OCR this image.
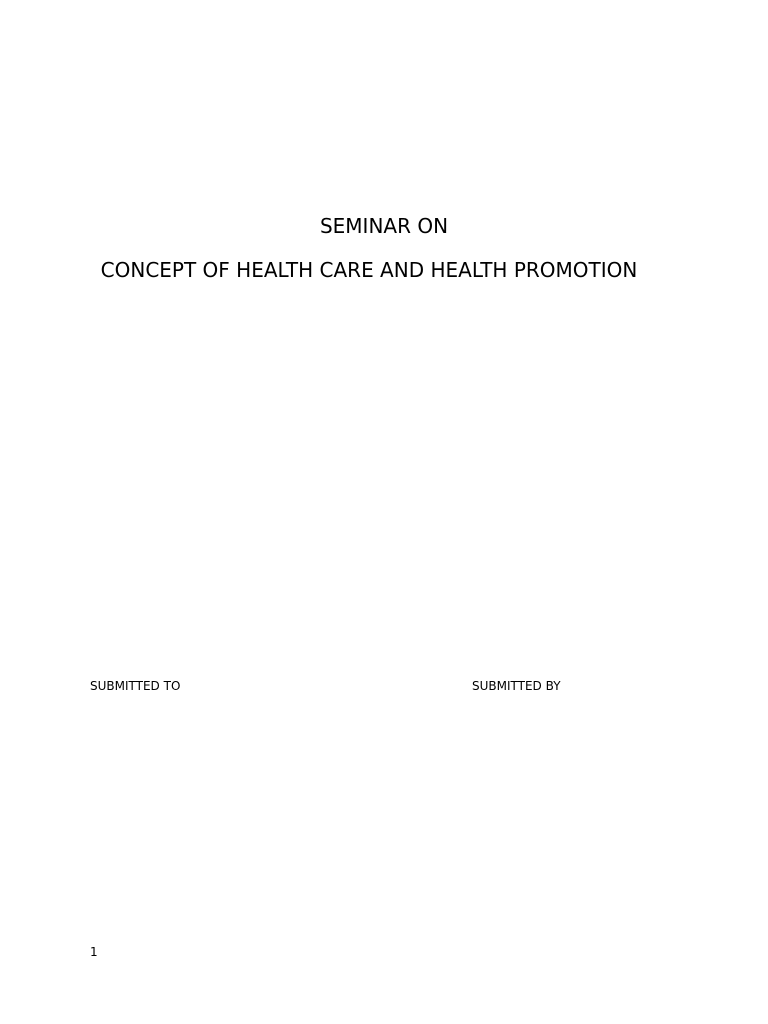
SEMINAR ON
CONCEPT OF HEALTH CARE AND HEALTH PROMOTION
SUBMITTED TO	SUBMITTED BY
1
